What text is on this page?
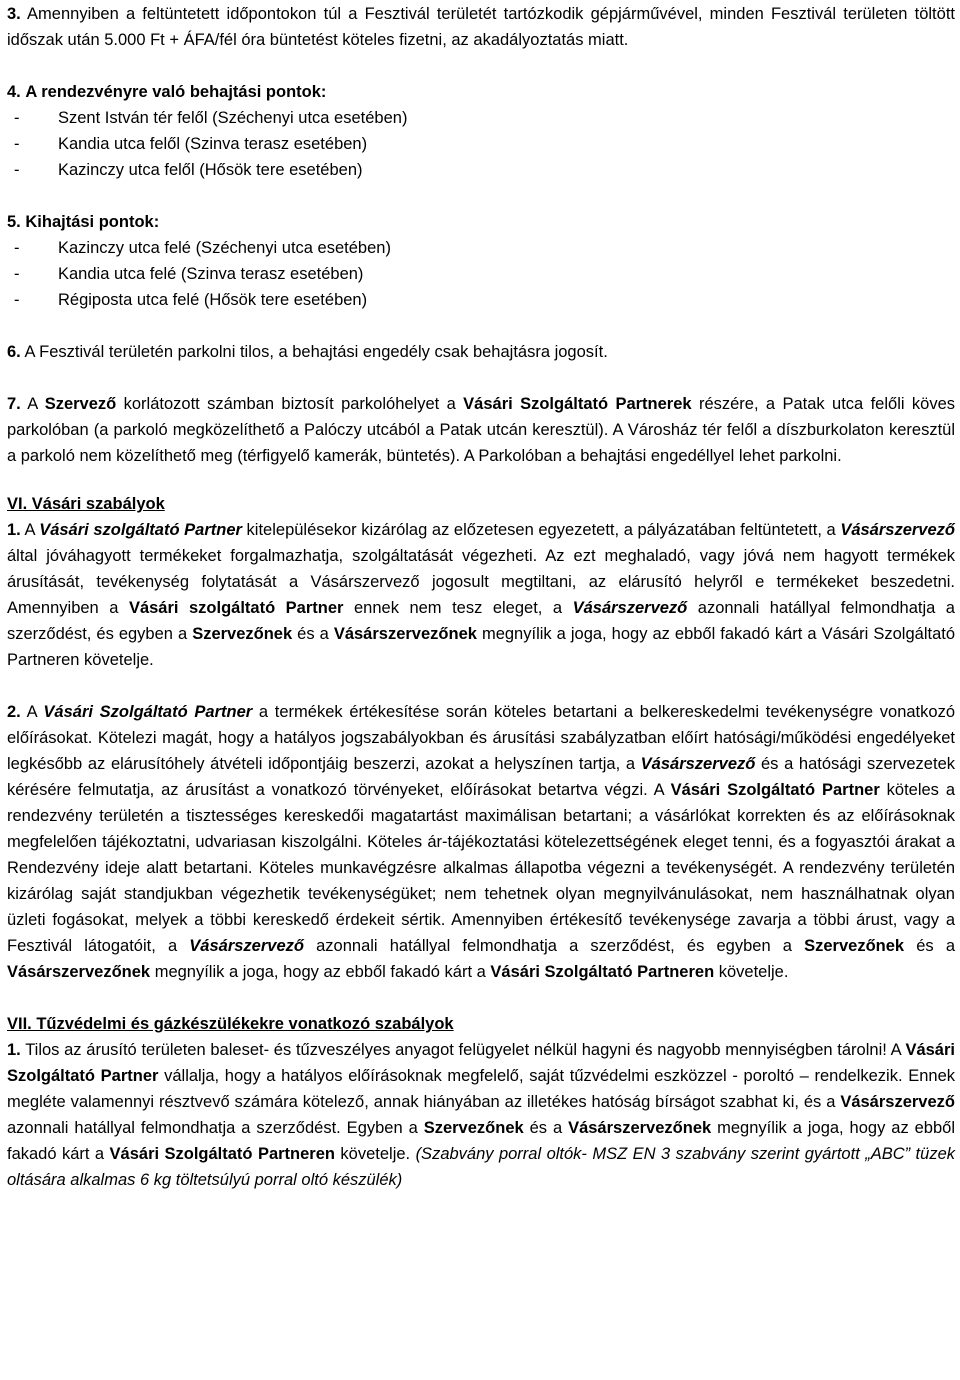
3. Amennyiben a feltüntetett időpontokon túl a Fesztivál területét tartózkodik gépjárművével, minden Fesztivál területen töltött időszak után 5.000 Ft + ÁFA/fél óra büntetést köteles fizetni, az akadályoztatás miatt.

4. A rendezvényre való behajtási pontok:

-	Szent István tér felől (Széchenyi utca esetében)
-	Kandia utca felől (Szinva terasz esetében)
-	Kazinczy utca felől (Hősök tere esetében)

5. Kihajtási pontok:

-	Kazinczy utca felé (Széchenyi utca esetében)
-	Kandia utca felé (Szinva terasz esetében)
-	Régiposta utca felé (Hősök tere esetében)

6. A Fesztivál területén parkolni tilos, a behajtási engedély csak behajtásra jogosít.

7. A Szervező korlátozott számban biztosít parkolóhelyet a Vásári Szolgáltató Partnerek részére, a Patak utca felőli köves parkolóban (a parkoló megközelíthető a Palóczy utcából a Patak utcán keresztül). A Városház tér felől a díszburkolaton keresztül a parkoló nem közelíthető meg (térfigyelő kamerák, büntetés). A Parkolóban a behajtási engedéllyel lehet parkolni.

VI. Vásári szabályok

1. A Vásári szolgáltató Partner kitelepülésekor kizárólag az előzetesen egyezetett, a pályázatában feltüntetett, a Vásárszervező által jóváhagyott termékeket forgalmazhatja, szolgáltatását végezheti. Az ezt meghaladó, vagy jóvá nem hagyott termékek árusítását, tevékenység folytatását a Vásárszervező jogosult megtiltani, az elárusító helyről e termékeket beszedetni. Amennyiben a Vásári szolgáltató Partner ennek nem tesz eleget, a Vásárszervező azonnali hatállyal felmondhatja a szerződést, és egyben a Szervezőnek és a Vásárszervezőnek megnyílik a joga, hogy az ebből fakadó kárt a Vásári Szolgáltató Partneren követelje.

2. A Vásári Szolgáltató Partner a termékek értékesítése során köteles betartani a belkereskedelmi tevékenységre vonatkozó előírásokat. Kötelezi magát, hogy a hatályos jogszabályokban és árusítási szabályzatban előírt hatósági/működési engedélyeket legkésőbb az elárusítóhely átvételi időpontjáig beszerzi, azokat a helyszínen tartja, a Vásárszervező és a hatósági szervezetek kérésére felmutatja, az árusítást a vonatkozó törvényeket, előírásokat betartva végzi. A Vásári Szolgáltató Partner köteles a rendezvény területén a tisztességes kereskedői magatartást maximálisan betartani; a vásárlókat korrekten és az előírásoknak megfelelően tájékoztatni, udvariasan kiszolgálni. Köteles ár-tájékoztatási kötelezettségének eleget tenni, és a fogyasztói árakat a Rendezvény ideje alatt betartani. Köteles munkavégzésre alkalmas állapotba végezni a tevékenységét. A rendezvény területén kizárólag saját standjukban végezhetik tevékenységüket; nem tehetnek olyan megnyilvánulásokat, nem használhatnak olyan üzleti fogásokat, melyek a többi kereskedő érdekeit sértik. Amennyiben értékesítő tevékenysége zavarja a többi árust, vagy a Fesztivál látogatóit, a Vásárszervező azonnali hatállyal felmondhatja a szerződést, és egyben a Szervezőnek és a Vásárszervezőnek megnyílik a joga, hogy az ebből fakadó kárt a Vásári Szolgáltató Partneren követelje.

VII. Tűzvédelmi és gázkészülékekre vonatkozó szabályok

1. Tilos az árusító területen baleset- és tűzveszélyes anyagot felügyelet nélkül hagyni és nagyobb mennyiségben tárolni! A Vásári Szolgáltató Partner vállalja, hogy a hatályos előírásoknak megfelelő, saját tűzvédelmi eszközzel - poroltó – rendelkezik. Ennek megléte valamennyi résztvevő számára kötelező, annak hiányában az illetékes hatóság bírságot szabhat ki, és a Vásárszervező azonnali hatállyal felmondhatja a szerződést. Egyben a Szervezőnek és a Vásárszervezőnek megnyílik a joga, hogy az ebből fakadó kárt a Vásári Szolgáltató Partneren követelje. (Szabvány porral oltók- MSZ EN 3 szabvány szerint gyártott „ABC” tüzek oltására alkalmas 6 kg töltetsúlyú porral oltó készülék)
